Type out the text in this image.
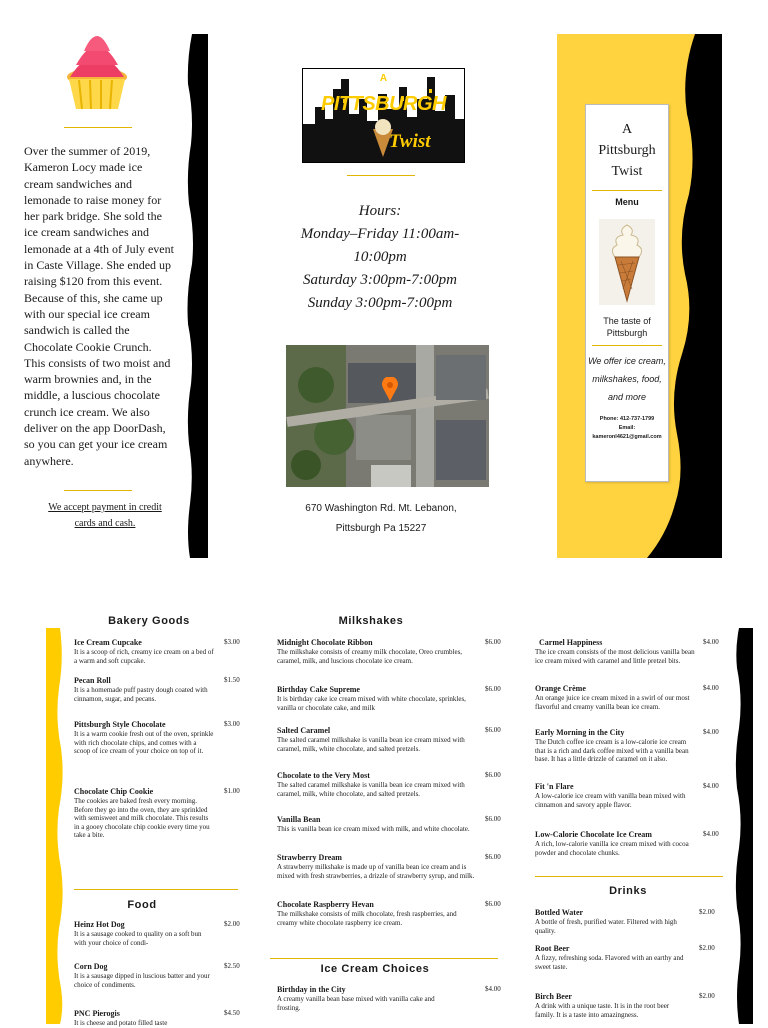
Over the summer of 2019, Kameron Locy made ice cream sandwiches and lemonade to raise money for her park bridge. She sold the ice cream sandwiches and lemonade at a 4th of July event in Caste Village. She ended up raising $120 from this event. Because of this, she came up with our special ice cream sandwich is called the Chocolate Cookie Crunch. This consists of two moist and warm brownies and, in the middle, a luscious chocolate crunch ice cream. We also deliver on the app DoorDash, so you can get your ice cream anywhere.
We accept payment in credit cards and cash.
A
PITTSBURGH
Twist
Hours:
Monday–Friday 11:00am-10:00pm
Saturday 3:00pm-7:00pm
Sunday 3:00pm-7:00pm
670 Washington Rd. Mt. Lebanon,
Pittsburgh Pa 15227
A
Pittsburgh
Twist
Menu
The taste of Pittsburgh
We offer ice cream, milkshakes, food, and more
Phone: 412-737-1799
Email:
kameronl4621@gmail.com
Bakery Goods
Ice Cream Cupcake
It is a scoop of rich, creamy ice cream on a bed of a warm and soft cupcake.
$3.00
Pecan Roll
It is a homemade puff pastry dough coated with cinnamon, sugar, and pecans.
$1.50
Pittsburgh Style Chocolate
It is a warm cookie fresh out of the oven, sprinkle with rich chocolate chips, and comes with a scoop of ice cream of your choice on top of it.
$3.00
Chocolate Chip Cookie
The cookies are baked fresh every morning. Before they go into the oven, they are sprinkled with semisweet and milk chocolate. This results in a gooey chocolate chip cookie every time you take a bite.
$1.00
Food
Heinz Hot Dog
It is a sausage cooked to quality on a soft bun with your choice of condi-
$2.00
Corn Dog
It is a sausage dipped in luscious batter and your choice of condiments.
$2.50
PNC Pierogis
It is cheese and potato filled taste
$4.50
Milkshakes
Midnight Chocolate Ribbon
The milkshake consists of creamy milk chocolate, Oreo crumbles, caramel, milk, and luscious chocolate ice cream.
$6.00
Birthday Cake Supreme
It is birthday cake ice cream mixed with white chocolate, sprinkles, vanilla or chocolate cake, and milk
$6.00
Salted Caramel
The salted caramel milkshake is vanilla bean ice cream mixed with caramel, milk, white chocolate, and salted pretzels.
$6.00
Chocolate to the Very Most
The salted caramel milkshake is vanilla bean ice cream mixed with caramel, milk, white chocolate, and salted pretzels.
$6.00
Vanilla Bean
This is vanilla bean ice cream mixed with milk, and white chocolate.
$6.00
Strawberry Dream
A strawberry milkshake is made up of vanilla bean ice cream and is mixed with fresh strawberries, a drizzle of strawberry syrup, and milk.
$6.00
Chocolate Raspberry Hevan
The milkshake consists of milk chocolate, fresh raspberries, and creamy white chocolate raspberry ice cream.
$6.00
Ice Cream Choices
Birthday in the City
A creamy vanilla bean base mixed with vanilla cake and frosting.
$4.00
Carmel Happiness
The ice cream consists of the most delicious vanilla bean ice cream mixed with caramel and little pretzel bits.
$4.00
Orange Crème
An orange juice ice cream mixed in a swirl of our most flavorful and creamy vanilla bean ice cream.
$4.00
Early Morning in the City
The Dutch coffee ice cream is a low-calorie ice cream that is a rich and dark coffee mixed with a vanilla bean base. It has a little drizzle of caramel on it also.
$4.00
Fit 'n Flare
A low-calorie ice cream with vanilla bean mixed with cinnamon and savory apple flavor.
$4.00
Low-Calorie Chocolate Ice Cream
A rich, low-calorie vanilla ice cream mixed with cocoa powder and chocolate chunks.
$4.00
Drinks
Bottled Water
A bottle of fresh, purified water. Filtered with high quality.
$2.00
Root Beer
A fizzy, refreshing soda. Flavored with an earthy and sweet taste.
$2.00
Birch Beer
A drink with a unique taste. It is in the root beer family. It is a taste into amazingness.
$2.00
